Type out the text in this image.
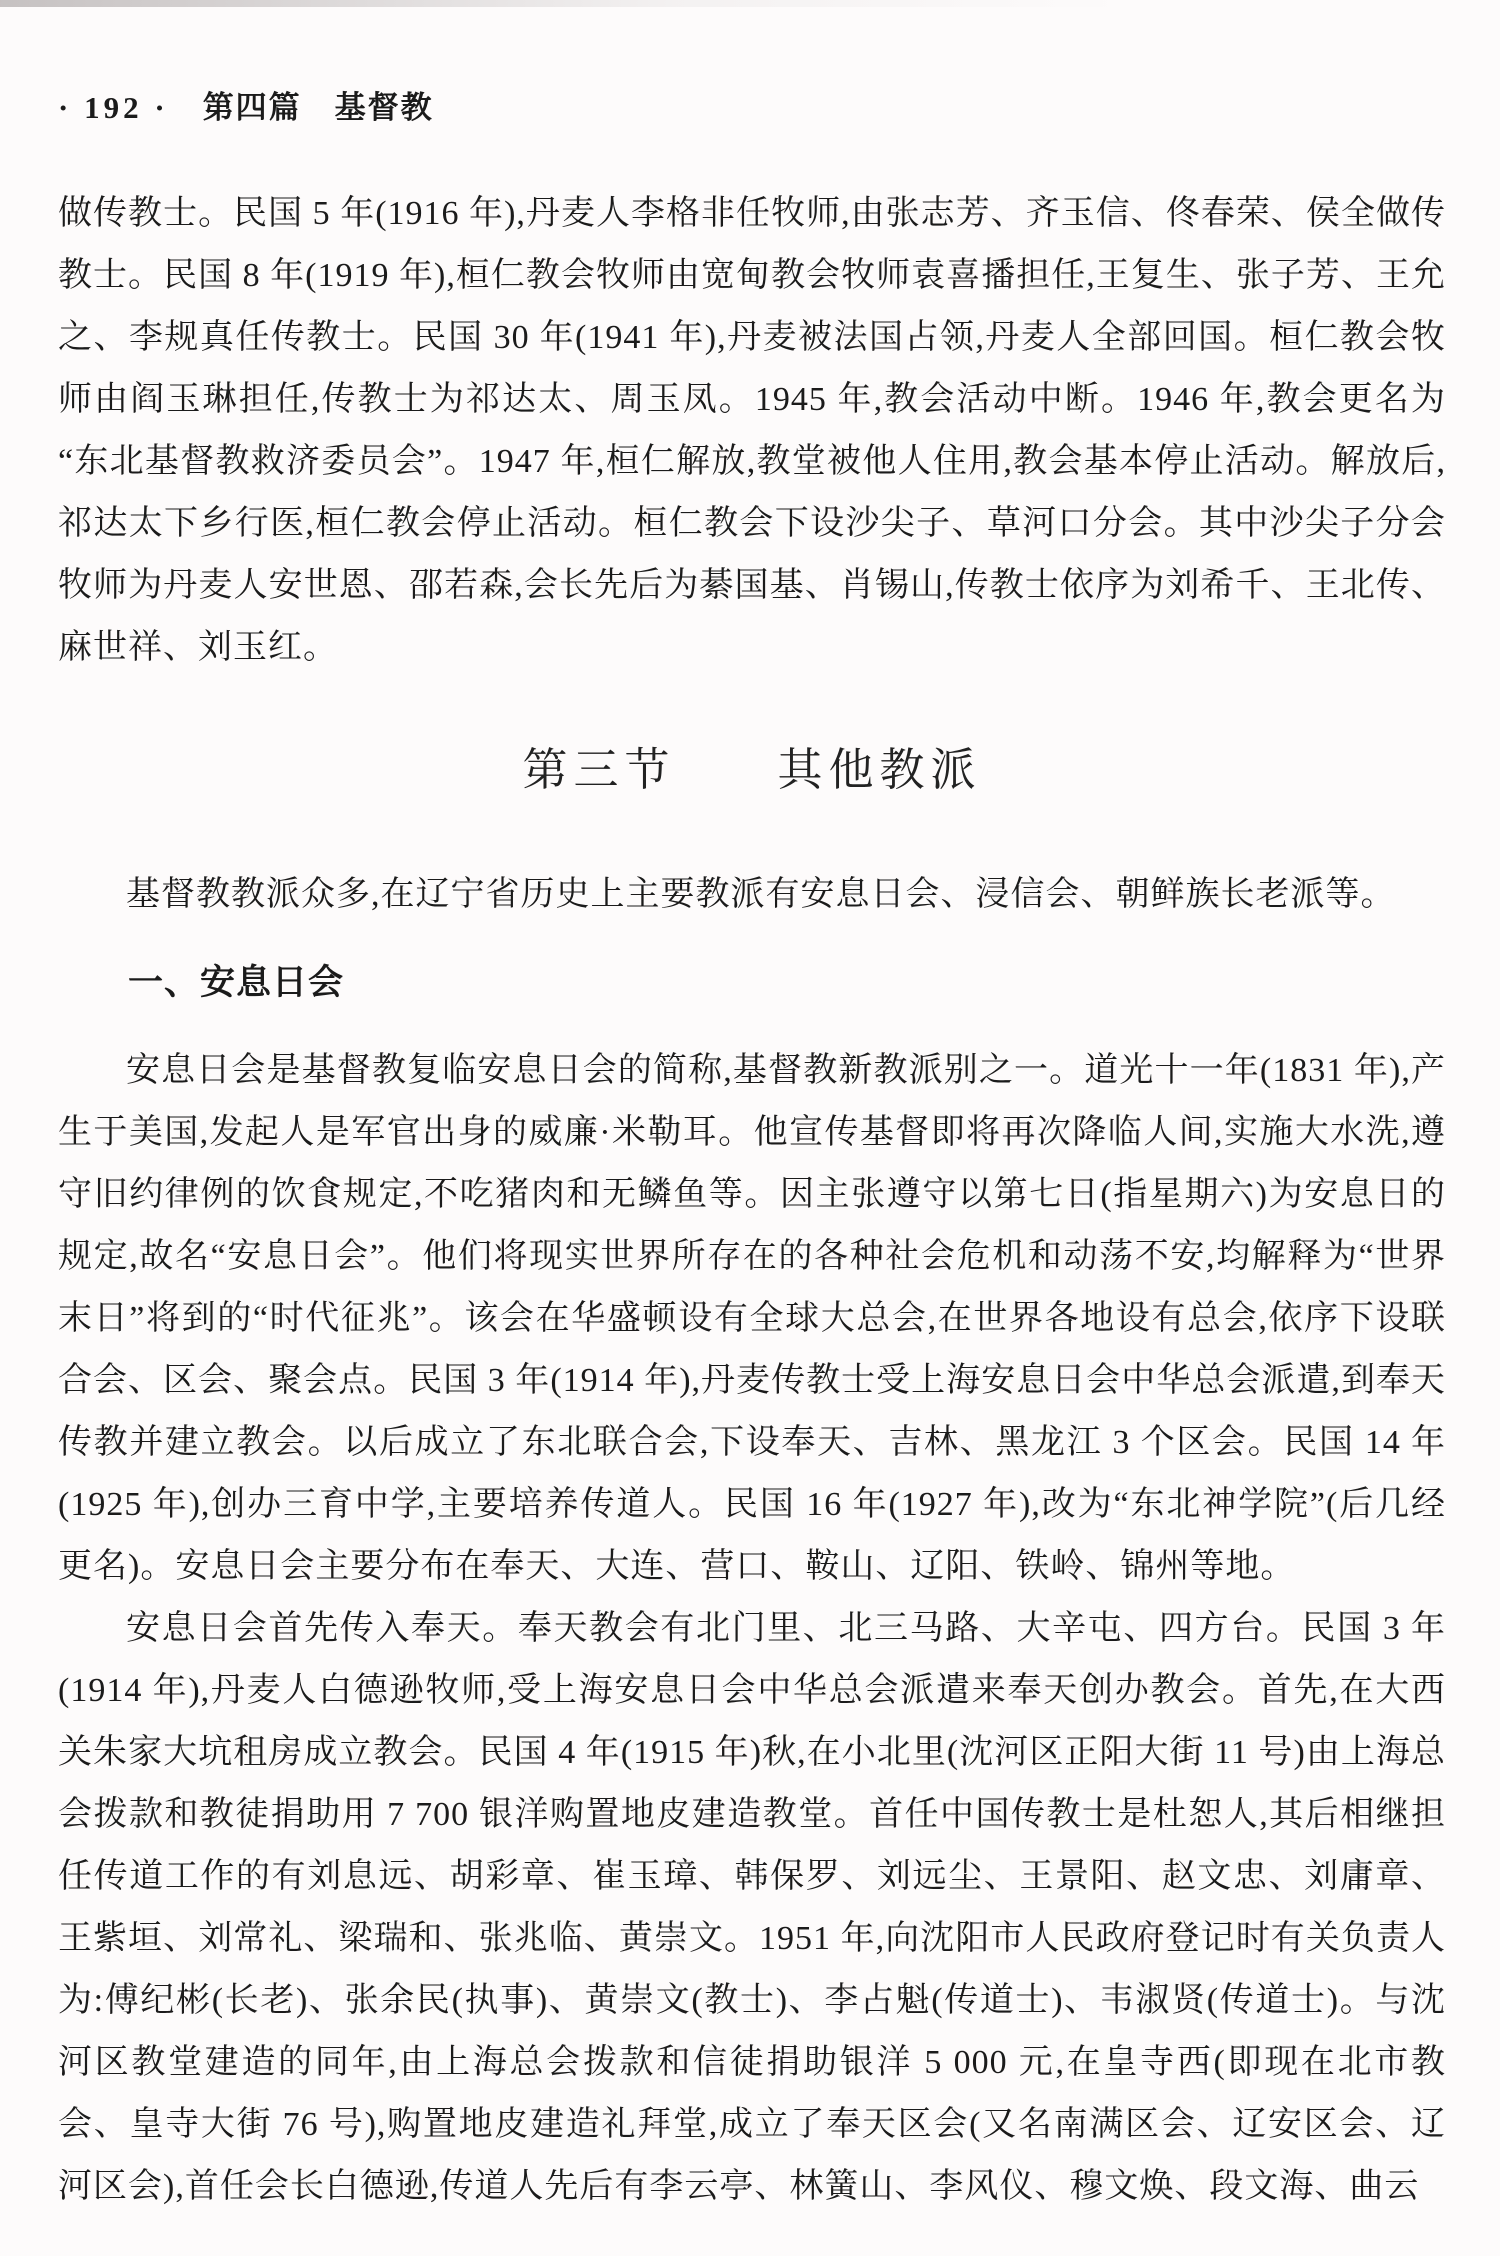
· 192 · 第四篇　基督教

做传教士。民国 5 年(1916 年),丹麦人李格非任牧师,由张志芳、齐玉信、佟春荣、侯全做传教士。民国 8 年(1919 年),桓仁教会牧师由宽甸教会牧师袁喜播担任,王复生、张子芳、王允之、李规真任传教士。民国 30 年(1941 年),丹麦被法国占领,丹麦人全部回国。桓仁教会牧师由阎玉琳担任,传教士为祁达太、周玉凤。1945 年,教会活动中断。1946 年,教会更名为“东北基督教救济委员会”。1947 年,桓仁解放,教堂被他人住用,教会基本停止活动。解放后,祁达太下乡行医,桓仁教会停止活动。桓仁教会下设沙尖子、草河口分会。其中沙尖子分会牧师为丹麦人安世恩、邵若森,会长先后为綦国基、肖锡山,传教士依序为刘希千、王北传、麻世祥、刘玉红。

第三节　　其他教派

基督教教派众多,在辽宁省历史上主要教派有安息日会、浸信会、朝鲜族长老派等。

一、安息日会

安息日会是基督教复临安息日会的简称,基督教新教派别之一。道光十一年(1831 年),产生于美国,发起人是军官出身的威廉·米勒耳。他宣传基督即将再次降临人间,实施大水洗,遵守旧约律例的饮食规定,不吃猪肉和无鳞鱼等。因主张遵守以第七日(指星期六)为安息日的规定,故名“安息日会”。他们将现实世界所存在的各种社会危机和动荡不安,均解释为“世界末日”将到的“时代征兆”。该会在华盛顿设有全球大总会,在世界各地设有总会,依序下设联合会、区会、聚会点。民国 3 年(1914 年),丹麦传教士受上海安息日会中华总会派遣,到奉天传教并建立教会。以后成立了东北联合会,下设奉天、吉林、黑龙江 3 个区会。民国 14 年(1925 年),创办三育中学,主要培养传道人。民国 16 年(1927 年),改为“东北神学院”(后几经更名)。安息日会主要分布在奉天、大连、营口、鞍山、辽阳、铁岭、锦州等地。

安息日会首先传入奉天。奉天教会有北门里、北三马路、大辛屯、四方台。民国 3 年(1914 年),丹麦人白德逊牧师,受上海安息日会中华总会派遣来奉天创办教会。首先,在大西关朱家大坑租房成立教会。民国 4 年(1915 年)秋,在小北里(沈河区正阳大街 11 号)由上海总会拨款和教徒捐助用 7 700 银洋购置地皮建造教堂。首任中国传教士是杜恕人,其后相继担任传道工作的有刘息远、胡彩章、崔玉璋、韩保罗、刘远尘、王景阳、赵文忠、刘庸章、王紫垣、刘常礼、梁瑞和、张兆临、黄崇文。1951 年,向沈阳市人民政府登记时有关负责人为:傅纪彬(长老)、张余民(执事)、黄崇文(教士)、李占魁(传道士)、韦淑贤(传道士)。与沈河区教堂建造的同年,由上海总会拨款和信徒捐助银洋 5 000 元,在皇寺西(即现在北市教会、皇寺大街 76 号),购置地皮建造礼拜堂,成立了奉天区会(又名南满区会、辽安区会、辽河区会),首任会长白德逊,传道人先后有李云亭、林簧山、李风仪、穆文焕、段文海、曲云
